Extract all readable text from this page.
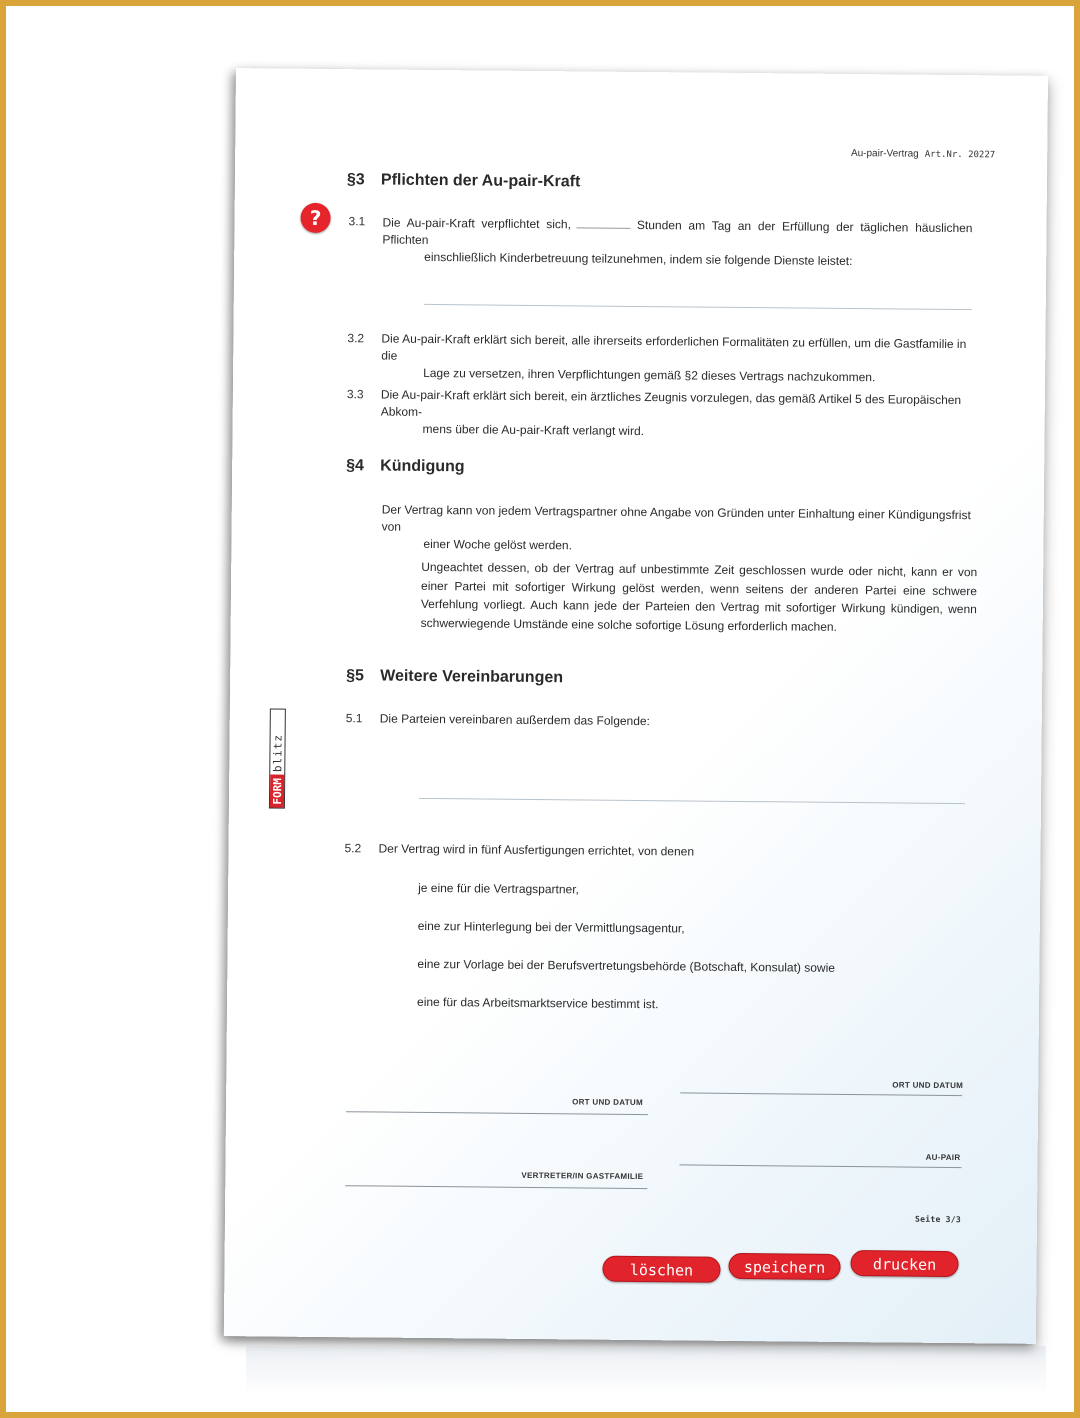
Au-pair-Vertrag Art.Nr. 20227
?
FORM
blitz
§3 Pflichten der Au-pair-Kraft
3.1 Die Au-pair-Kraft verpflichtet sich,	Stunden am Tag an der Erfüllung der täglichen häuslichen Pflichten
einschließlich Kinderbetreuung teilzunehmen, indem sie folgende Dienste leistet:
3.2 Die Au-pair-Kraft erklärt sich bereit, alle ihrerseits erforderlichen Formalitäten zu erfüllen, um die Gastfamilie in die
Lage zu versetzen, ihren Verpflichtungen gemäß §2 dieses Vertrags nachzukommen.
3.3 Die Au-pair-Kraft erklärt sich bereit, ein ärztliches Zeugnis vorzulegen, das gemäß Artikel 5 des Europäischen Abkom-
mens über die Au-pair-Kraft verlangt wird.
§4 Kündigung
Der Vertrag kann von jedem Vertragspartner ohne Angabe von Gründen unter Einhaltung einer Kündigungsfrist von
einer Woche gelöst werden.
Ungeachtet dessen, ob der Vertrag auf unbestimmte Zeit geschlossen wurde oder nicht, kann er von einer Partei mit sofortiger Wirkung gelöst werden, wenn seitens der anderen Partei eine schwere Verfehlung vorliegt. Auch kann jede der Parteien den Vertrag mit sofortiger Wirkung kündigen, wenn schwerwiegende Umstände eine solche sofortige Lösung erforderlich machen.
§5 Weitere Vereinbarungen
5.1 Die Parteien vereinbaren außerdem das Folgende:
5.2 Der Vertrag wird in fünf Ausfertigungen errichtet, von denen
je eine für die Vertragspartner,
eine zur Hinterlegung bei der Vermittlungsagentur,
eine zur Vorlage bei der Berufsvertretungsbehörde (Botschaft, Konsulat) sowie
eine für das Arbeitsmarktservice bestimmt ist.
ORT UND DATUM
ORT UND DATUM
VERTRETER/IN GASTFAMILIE
AU-PAIR
Seite 3/3
löschen	speichern	drucken
